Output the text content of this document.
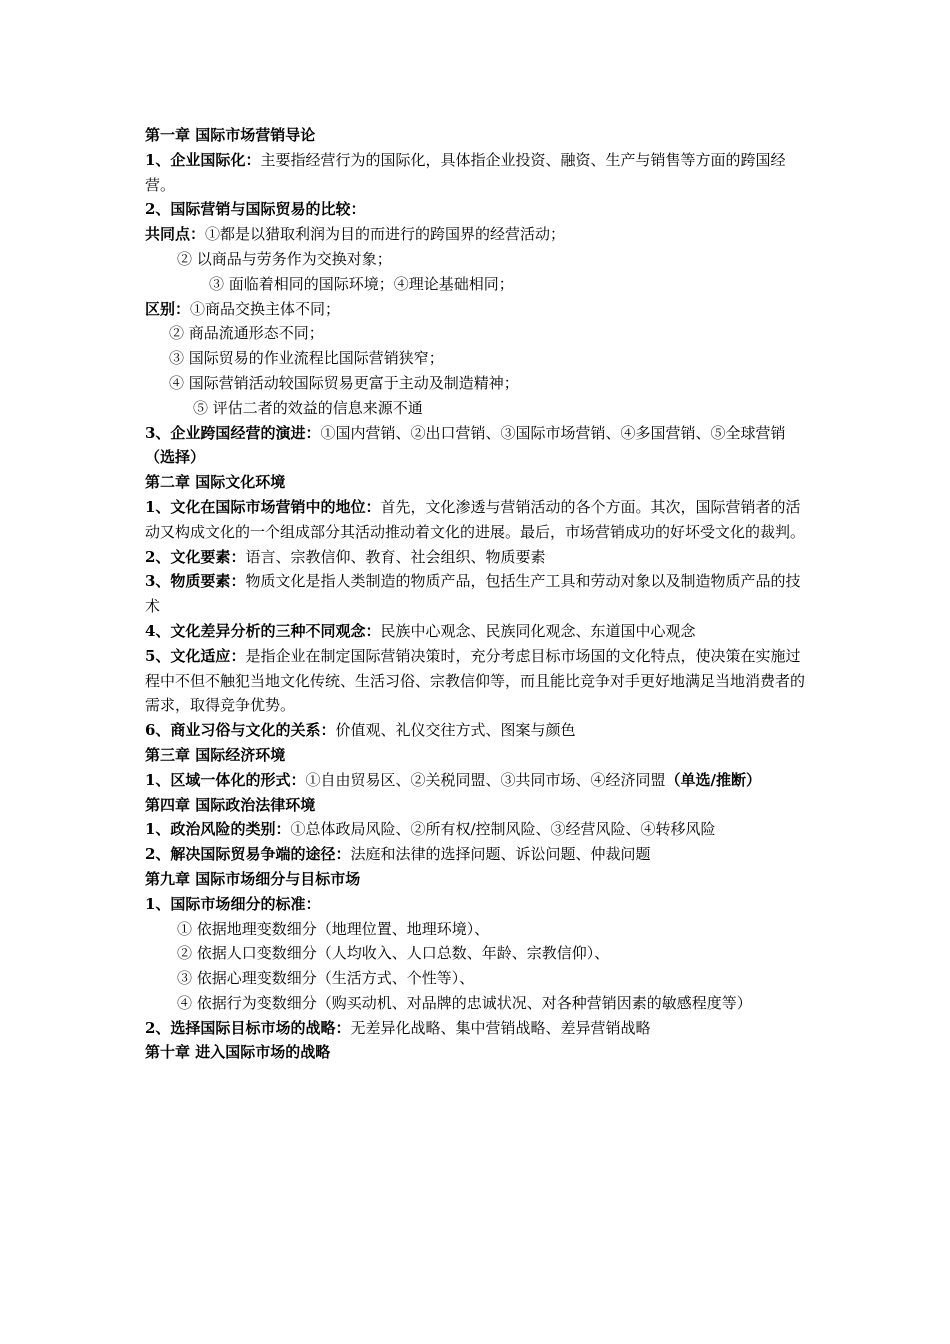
第一章 国际市场营销导论

1、企业国际化：主要指经营行为的国际化，具体指企业投资、融资、生产与销售等方面的跨国经营。

2、国际营销与国际贸易的比较：

共同点：①都是以猎取利润为目的而进行的跨国界的经营活动；

② 以商品与劳务作为交换对象；

③ 面临着相同的国际环境；④理论基础相同；

区别：①商品交换主体不同；

② 商品流通形态不同；

③ 国际贸易的作业流程比国际营销狭窄；

④ 国际营销活动较国际贸易更富于主动及制造精神；

⑤ 评估二者的效益的信息来源不通

3、企业跨国经营的演进：①国内营销、②出口营销、③国际市场营销、④多国营销、⑤全球营销（选择）

第二章 国际文化环境

1、文化在国际市场营销中的地位：首先，文化渗透与营销活动的各个方面。其次，国际营销者的活动又构成文化的一个组成部分其活动推动着文化的进展。最后，市场营销成功的好坏受文化的裁判。

2、文化要素：语言、宗教信仰、教育、社会组织、物质要素

3、物质要素：物质文化是指人类制造的物质产品，包括生产工具和劳动对象以及制造物质产品的技术

4、文化差异分析的三种不同观念：民族中心观念、民族同化观念、东道国中心观念

5、文化适应：是指企业在制定国际营销决策时，充分考虑目标市场国的文化特点，使决策在实施过程中不但不触犯当地文化传统、生活习俗、宗教信仰等，而且能比竞争对手更好地满足当地消费者的需求，取得竞争优势。

6、商业习俗与文化的关系：价值观、礼仪交往方式、图案与颜色

第三章 国际经济环境

1、区域一体化的形式：①自由贸易区、②关税同盟、③共同市场、④经济同盟（单选/推断）

第四章 国际政治法律环境

1、政治风险的类别：①总体政局风险、②所有权/控制风险、③经营风险、④转移风险

2、解决国际贸易争端的途径：法庭和法律的选择问题、诉讼问题、仲裁问题

第九章 国际市场细分与目标市场

1、国际市场细分的标准：

① 依据地理变数细分（地理位置、地理环境）、

② 依据人口变数细分（人均收入、人口总数、年龄、宗教信仰）、

③ 依据心理变数细分（生活方式、个性等）、

④ 依据行为变数细分（购买动机、对品牌的忠诚状况、对各种营销因素的敏感程度等）

2、选择国际目标市场的战略：无差异化战略、集中营销战略、差异营销战略

第十章 进入国际市场的战略
